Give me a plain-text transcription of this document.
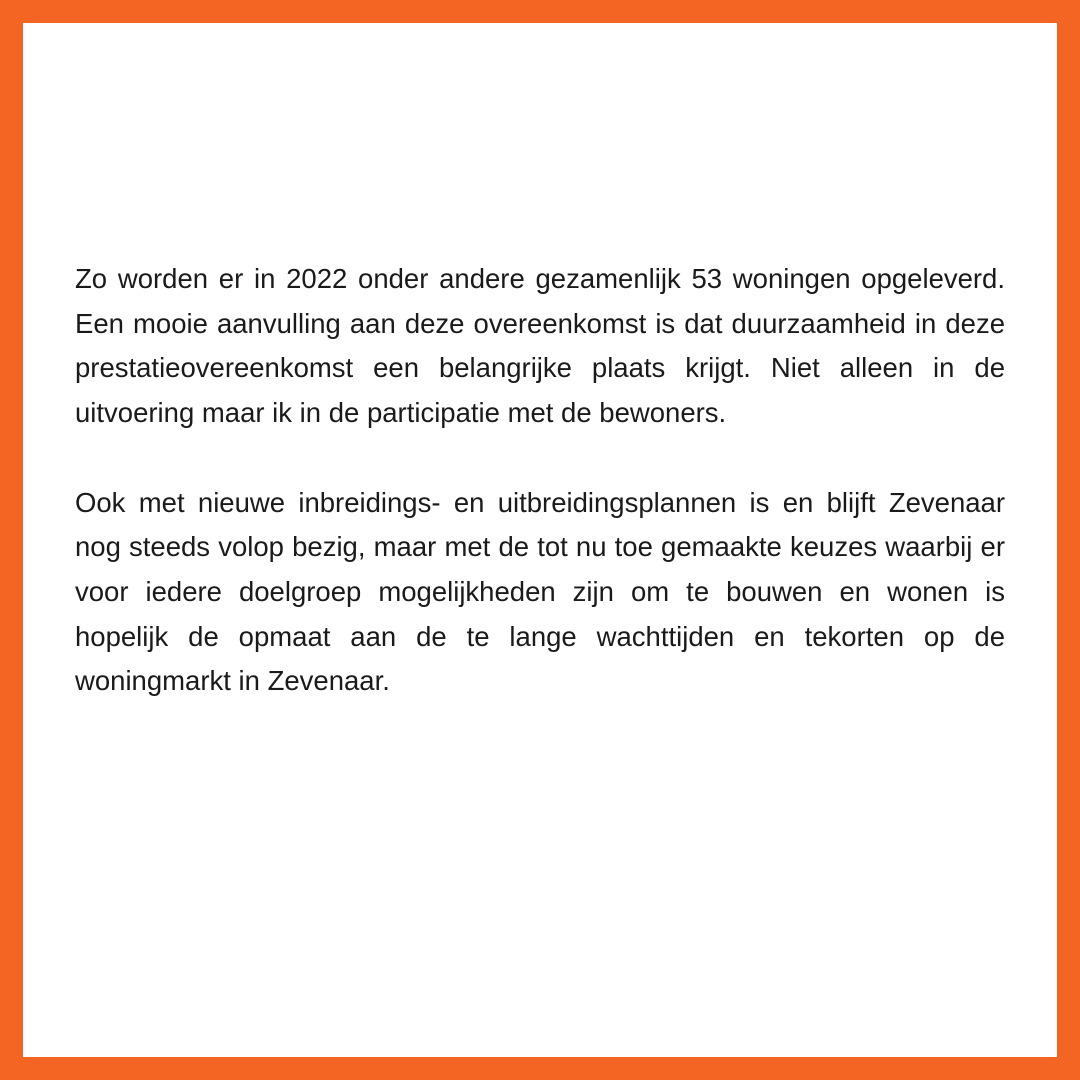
Zo worden er in 2022 onder andere gezamenlijk 53 woningen opgeleverd. Een mooie aanvulling aan deze overeenkomst is dat duurzaamheid in deze prestatieovereenkomst een belangrijke plaats krijgt. Niet alleen in de uitvoering maar ik in de participatie met de bewoners.

Ook met nieuwe inbreidings- en uitbreidingsplannen is en blijft Zevenaar nog steeds volop bezig, maar met de tot nu toe gemaakte keuzes waarbij er voor iedere doelgroep mogelijkheden zijn om te bouwen en wonen is hopelijk de opmaat aan de te lange wachttijden en tekorten op de woningmarkt in Zevenaar.
